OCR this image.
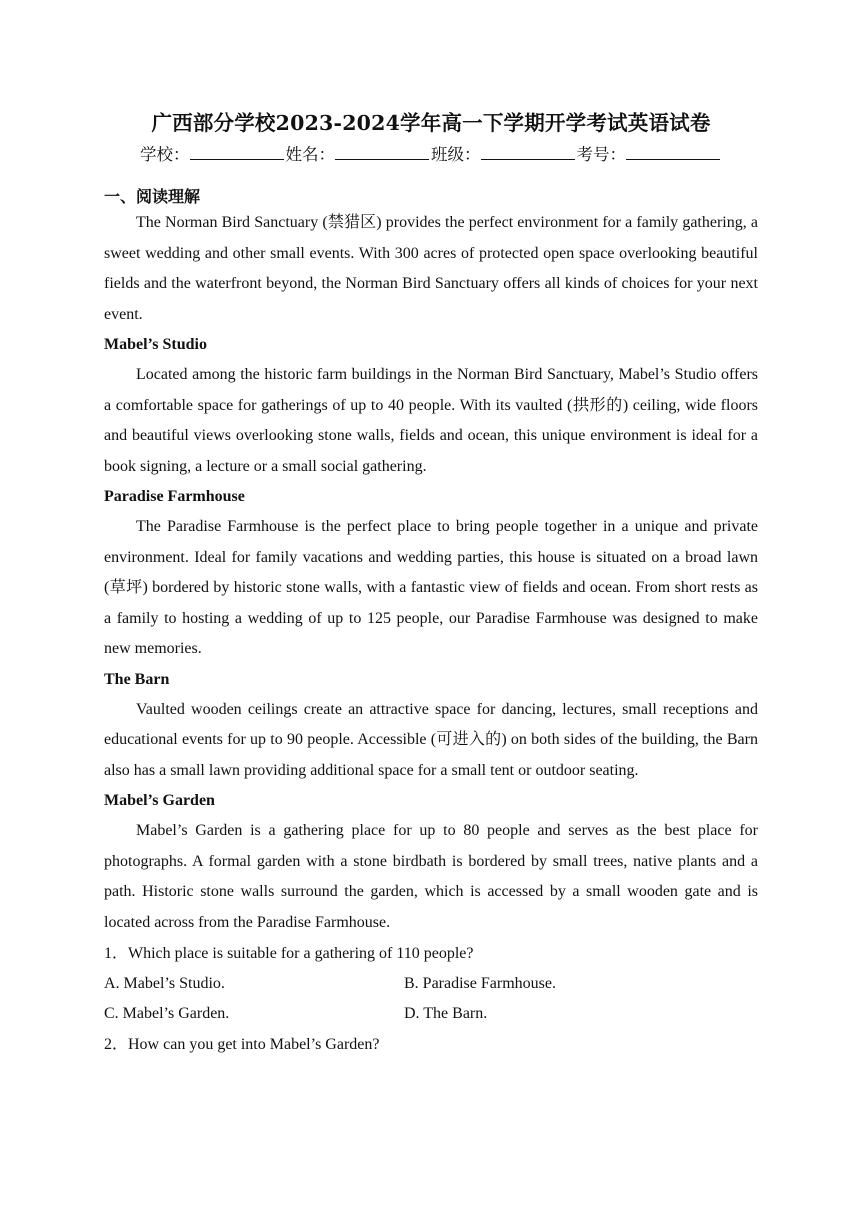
广西部分学校2023-2024学年高一下学期开学考试英语试卷
学校：	姓名：	班级：	考号：
一、阅读理解

The Norman Bird Sanctuary (禁猎区) provides the perfect environment for a family gathering, a sweet wedding and other small events. With 300 acres of protected open space overlooking beautiful fields and the waterfront beyond, the Norman Bird Sanctuary offers all kinds of choices for your next event.

Mabel’s Studio

Located among the historic farm buildings in the Norman Bird Sanctuary, Mabel’s Studio offers a comfortable space for gatherings of up to 40 people. With its vaulted (拱形的) ceiling, wide floors and beautiful views overlooking stone walls, fields and ocean, this unique environment is ideal for a book signing, a lecture or a small social gathering.

Paradise Farmhouse

The Paradise Farmhouse is the perfect place to bring people together in a unique and private environment. Ideal for family vacations and wedding parties, this house is situated on a broad lawn (草坪) bordered by historic stone walls, with a fantastic view of fields and ocean. From short rests as a family to hosting a wedding of up to 125 people, our Paradise Farmhouse was designed to make new memories.

The Barn

Vaulted wooden ceilings create an attractive space for dancing, lectures, small receptions and educational events for up to 90 people. Accessible (可进入的) on both sides of the building, the Barn also has a small lawn providing additional space for a small tent or outdoor seating.

Mabel’s Garden

Mabel’s Garden is a gathering place for up to 80 people and serves as the best place for photographs. A formal garden with a stone birdbath is bordered by small trees, native plants and a path. Historic stone walls surround the garden, which is accessed by a small wooden gate and is located across from the Paradise Farmhouse.

1．Which place is suitable for a gathering of 110 people?

A. Mabel’s Studio.	B. Paradise Farmhouse.
C. Mabel’s Garden.	D. The Barn.

2．How can you get into Mabel’s Garden?
